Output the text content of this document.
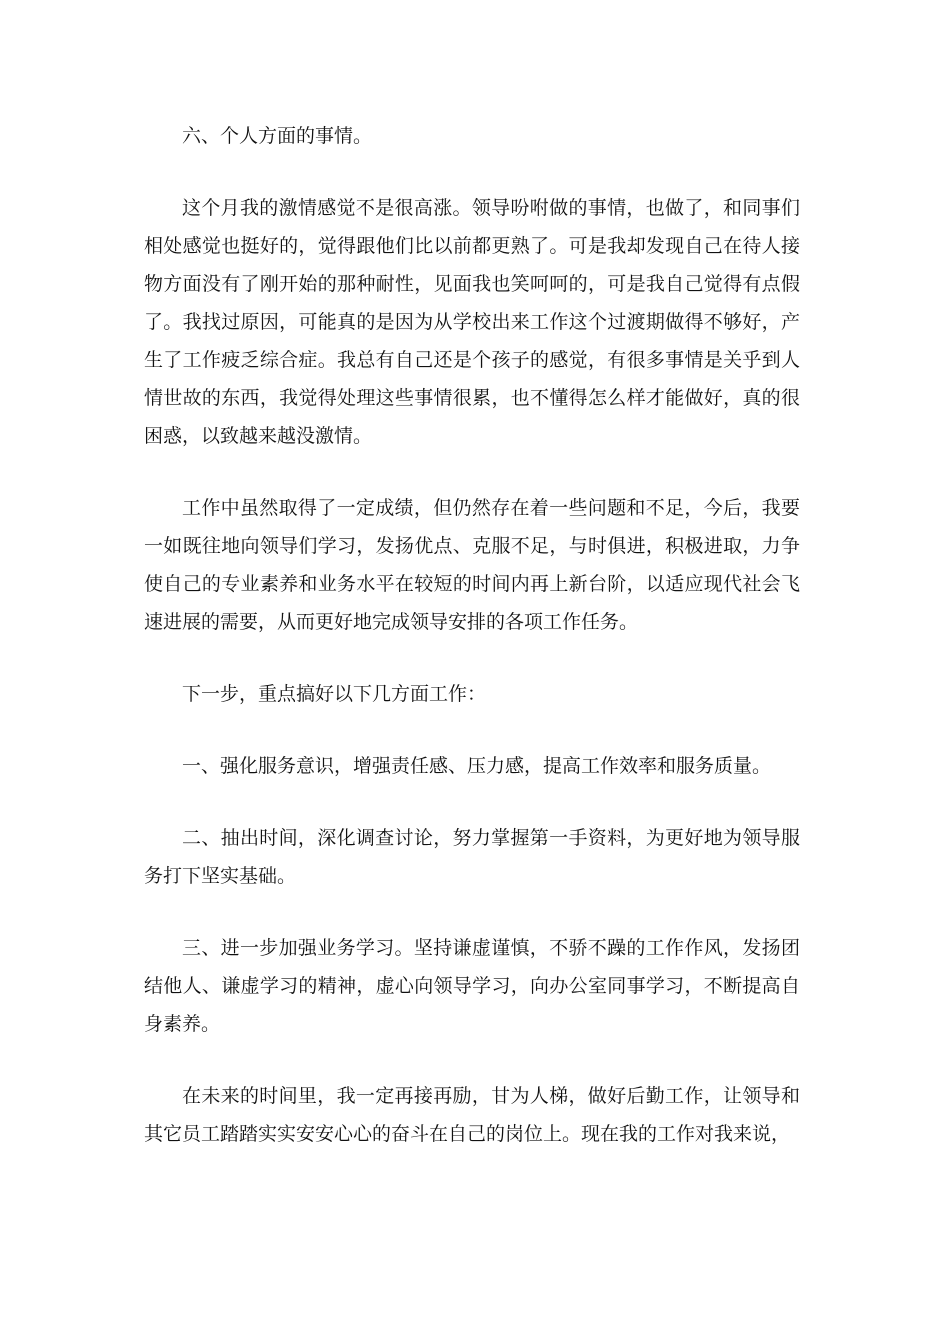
六、个人方面的事情。

这个月我的激情感觉不是很高涨。领导吩咐做的事情，也做了，和同事们相处感觉也挺好的，觉得跟他们比以前都更熟了。可是我却发现自己在待人接物方面没有了刚开始的那种耐性，见面我也笑呵呵的，可是我自己觉得有点假了。我找过原因，可能真的是因为从学校出来工作这个过渡期做得不够好，产生了工作疲乏综合症。我总有自己还是个孩子的感觉，有很多事情是关乎到人情世故的东西，我觉得处理这些事情很累，也不懂得怎么样才能做好，真的很困惑，以致越来越没激情。

工作中虽然取得了一定成绩，但仍然存在着一些问题和不足，今后，我要一如既往地向领导们学习，发扬优点、克服不足，与时俱进，积极进取，力争使自己的专业素养和业务水平在较短的时间内再上新台阶，以适应现代社会飞速进展的需要，从而更好地完成领导安排的各项工作任务。

下一步，重点搞好以下几方面工作：

一、强化服务意识，增强责任感、压力感，提高工作效率和服务质量。

二、抽出时间，深化调查讨论，努力掌握第一手资料，为更好地为领导服务打下坚实基础。

三、进一步加强业务学习。坚持谦虚谨慎，不骄不躁的工作作风，发扬团结他人、谦虚学习的精神，虚心向领导学习，向办公室同事学习，不断提高自身素养。

在未来的时间里，我一定再接再励，甘为人梯，做好后勤工作，让领导和其它员工踏踏实实安安心心的奋斗在自己的岗位上。现在我的工作对我来说，
